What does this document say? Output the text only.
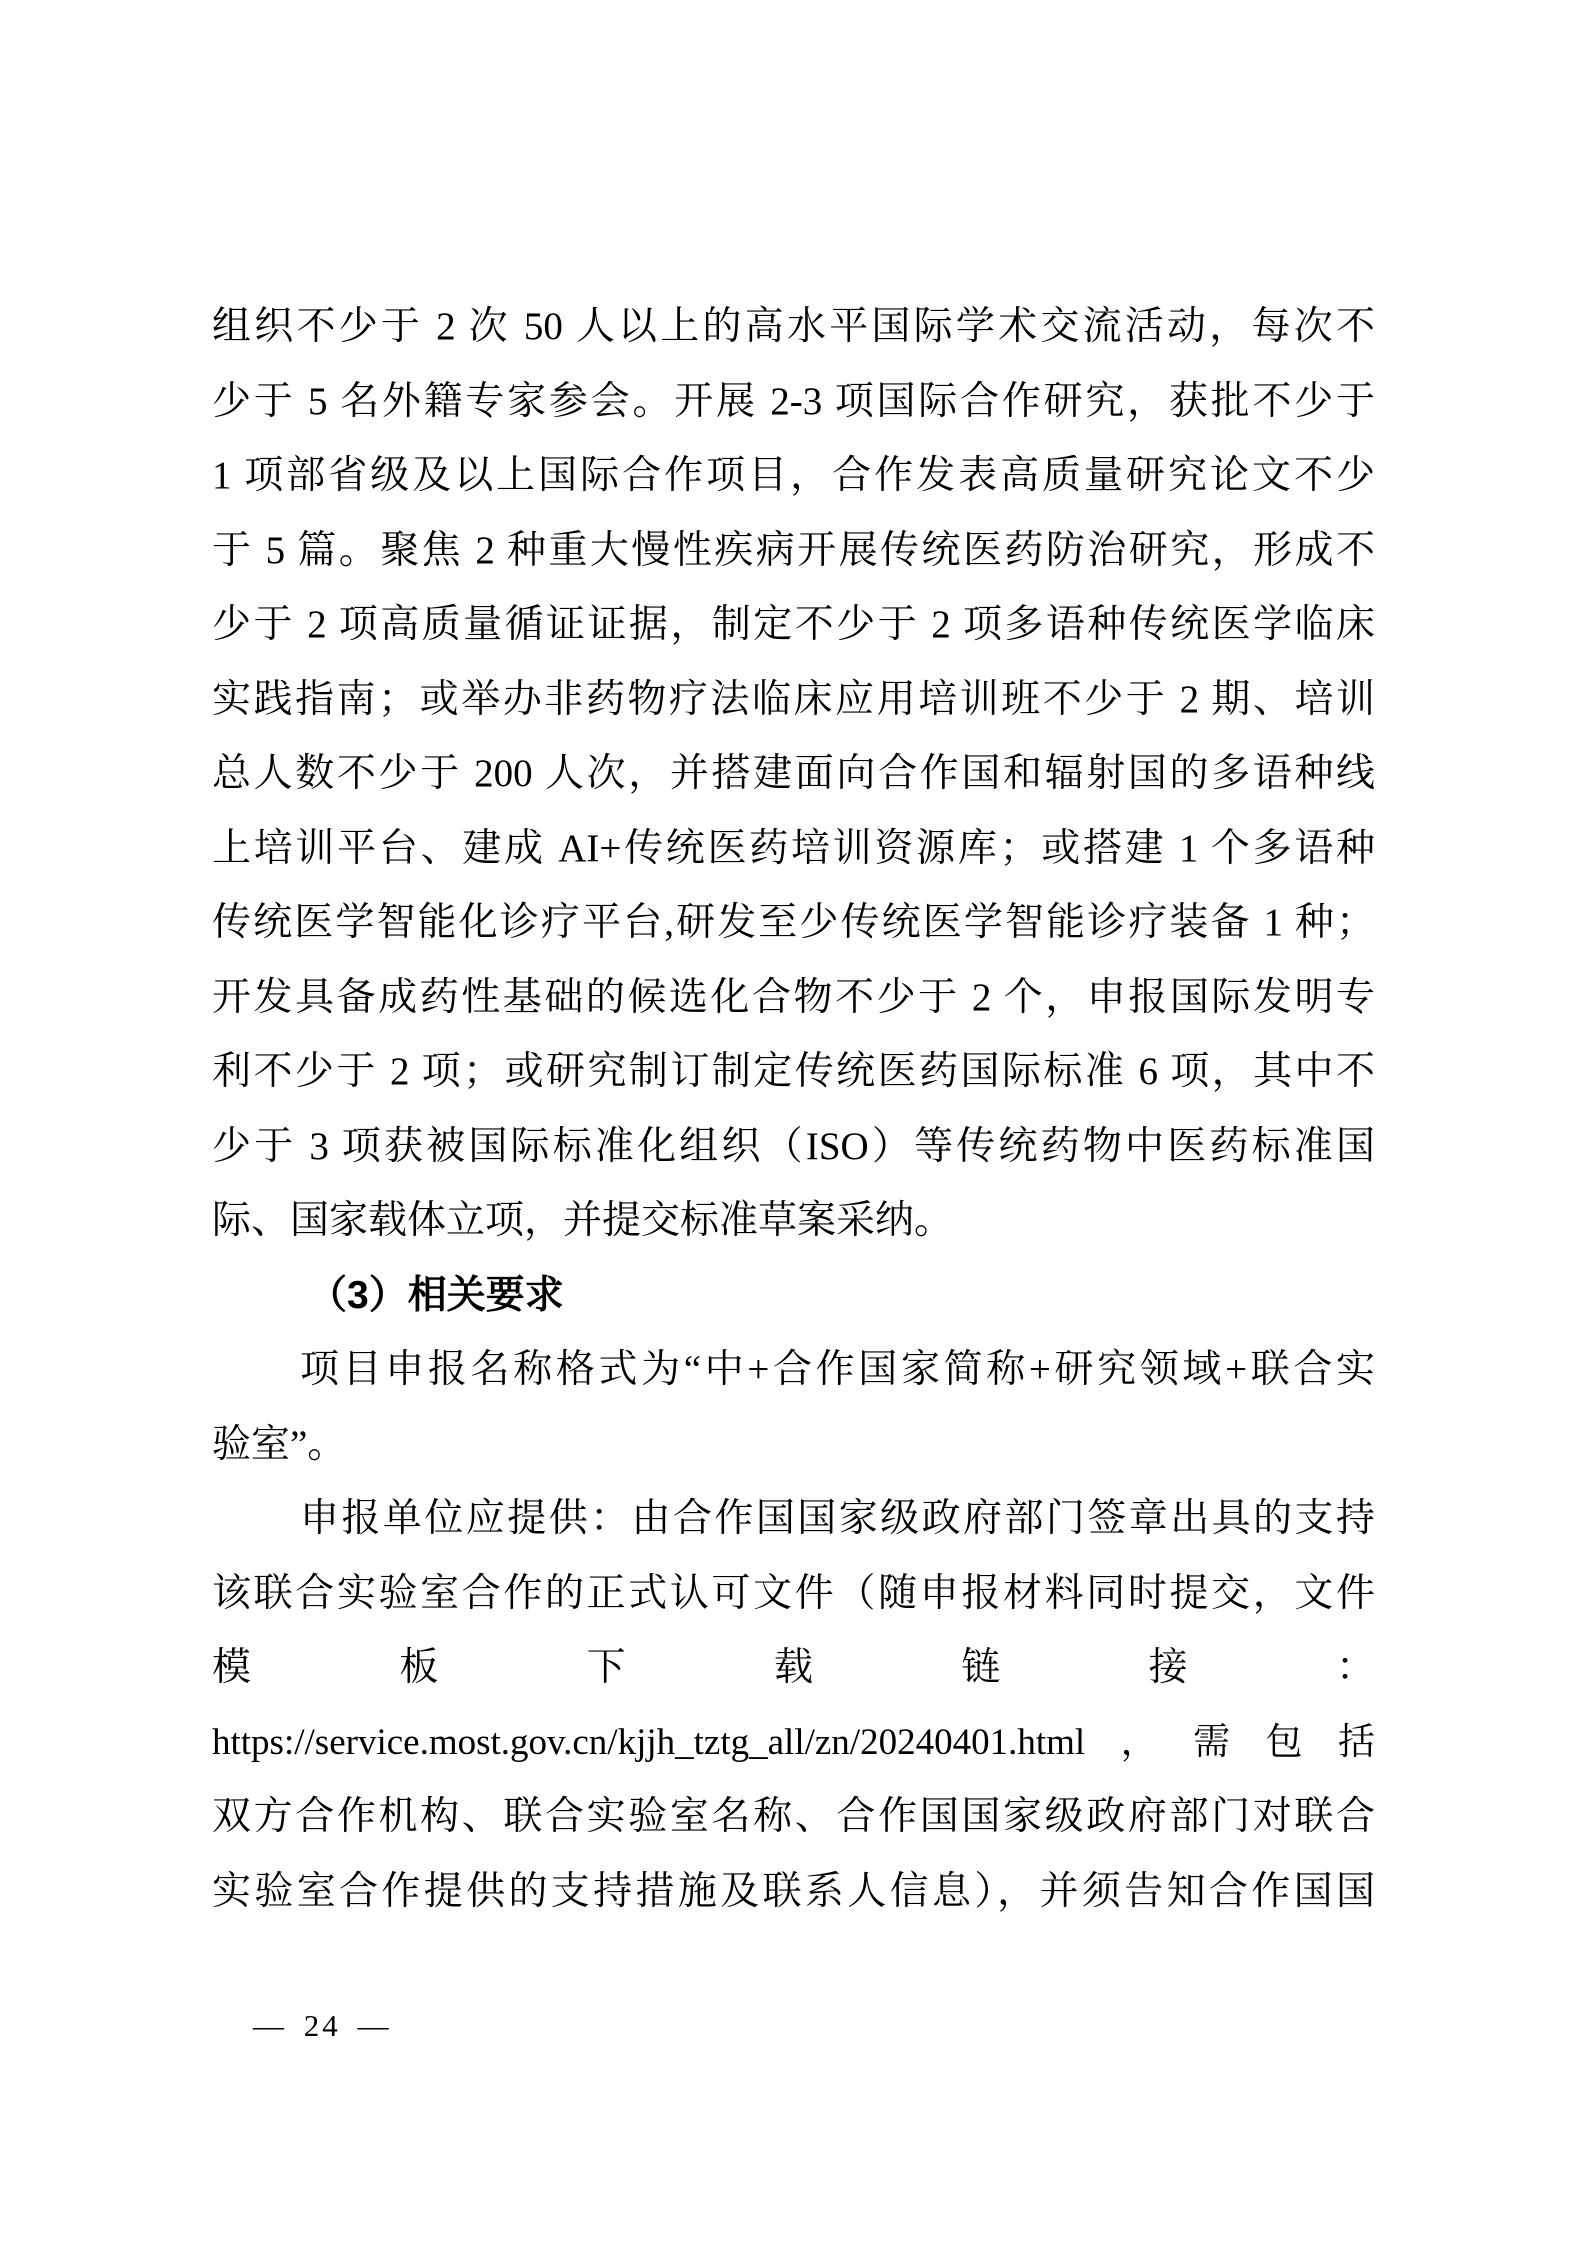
组织不少于 2 次 50 人以上的高水平国际学术交流活动，每次不
少于 5 名外籍专家参会。开展 2-3 项国际合作研究，获批不少于
1 项部省级及以上国际合作项目，合作发表高质量研究论文不少
于 5 篇。聚焦 2 种重大慢性疾病开展传统医药防治研究，形成不
少于 2 项高质量循证证据，制定不少于 2 项多语种传统医学临床
实践指南；或举办非药物疗法临床应用培训班不少于 2 期、培训
总人数不少于 200 人次，并搭建面向合作国和辐射国的多语种线
上培训平台、建成 AI+传统医药培训资源库；或搭建 1 个多语种
传统医学智能化诊疗平台,研发至少传统医学智能诊疗装备 1 种；
开发具备成药性基础的候选化合物不少于 2 个，申报国际发明专
利不少于 2 项；或研究制订制定传统医药国际标准 6 项，其中不
少于 3 项获被国际标准化组织（ISO）等传统药物中医药标准国
际、国家载体立项，并提交标准草案采纳。
（3）相关要求
项目申报名称格式为“中+合作国家简称+研究领域+联合实
验室”。
申报单位应提供：由合作国国家级政府部门签章出具的支持
该联合实验室合作的正式认可文件（随申报材料同时提交，文件
模板下载链接：
https://service.most.gov.cn/kjjh_tztg_all/zn/20240401.html，需包括
双方合作机构、联合实验室名称、合作国国家级政府部门对联合
实验室合作提供的支持措施及联系人信息），并须告知合作国国
— 24 —
